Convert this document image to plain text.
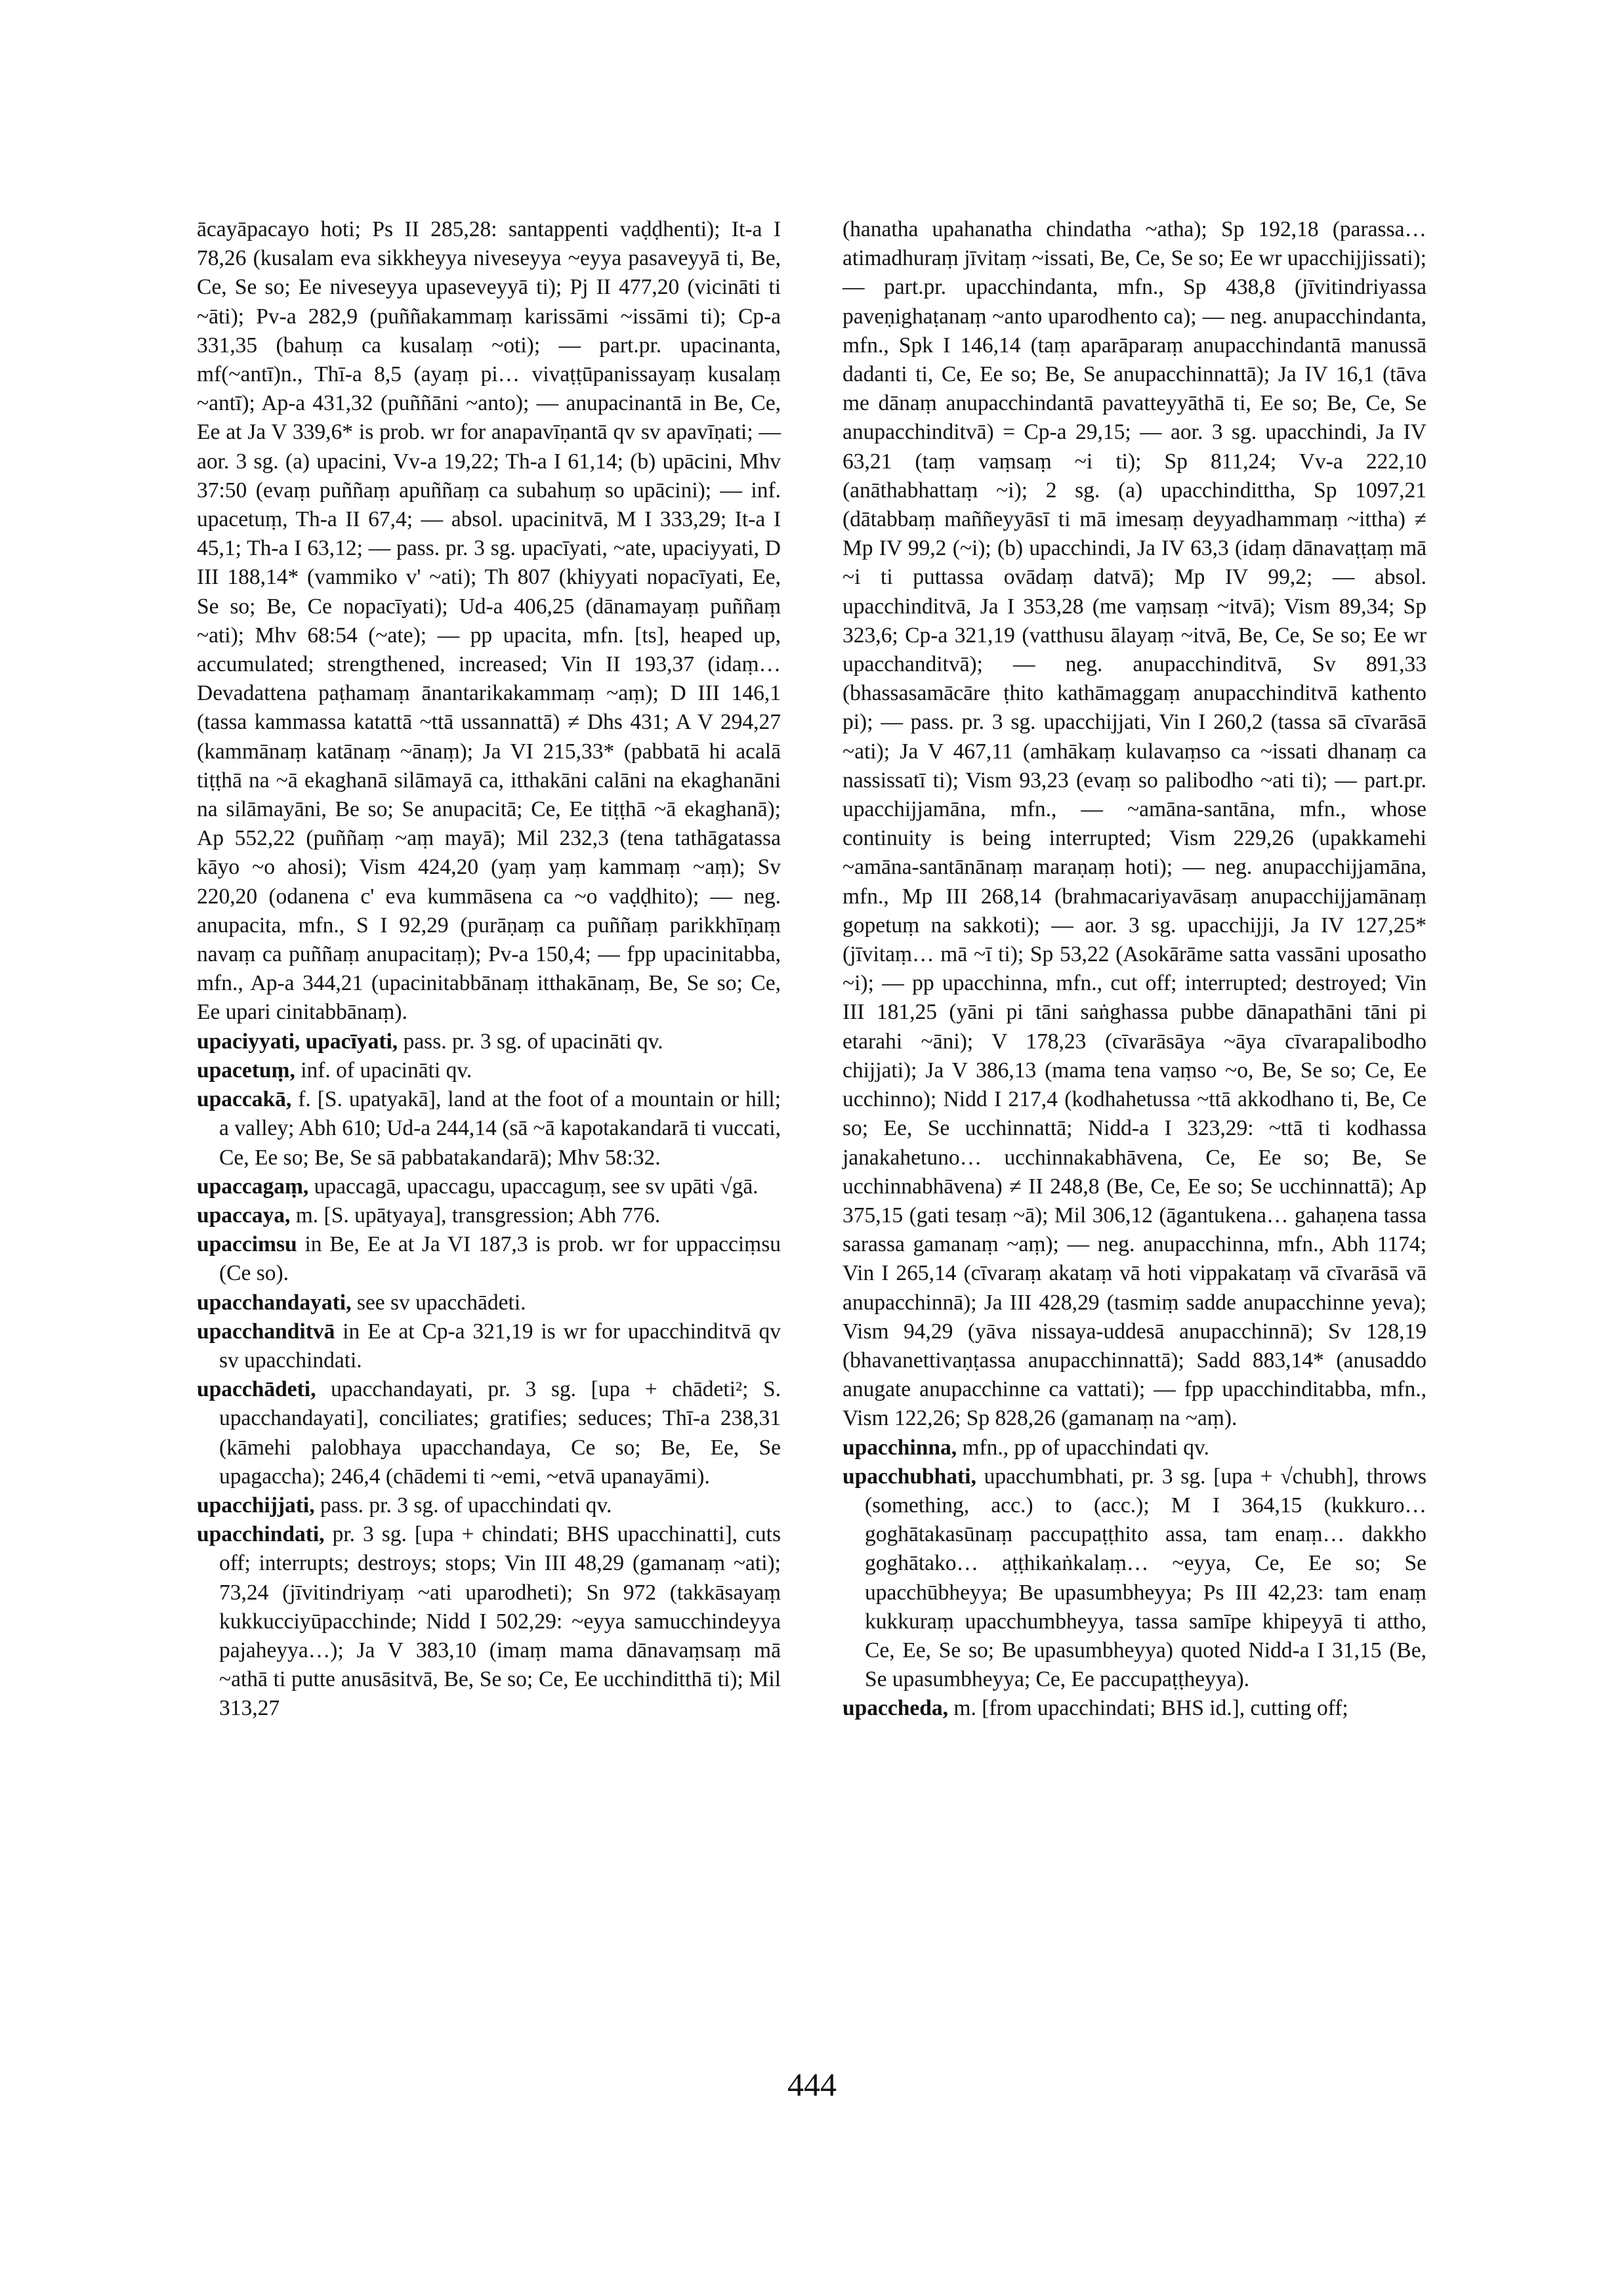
ācayāpacayo hoti; Ps II 285,28: santappenti vaḍḍhenti); It-a I 78,26 (kusalam eva sikkheyya niveseyya ~eyya pasaveyyā ti, Be, Ce, Se so; Ee niveseyya upaseveyyā ti); Pj II 477,20 (vicināti ti ~āti); Pv-a 282,9 (puññakammaṃ karissāmi ~issāmi ti); Cp-a 331,35 (bahuṃ ca kusalaṃ ~oti); — part.pr. upacinanta, mf(~antī)n., Thī-a 8,5 (ayaṃ pi… vivaṭṭūpanissayaṃ kusalaṃ ~antī); Ap-a 431,32 (puññāni ~anto); — anupacinantā in Be, Ce, Ee at Ja V 339,6* is prob. wr for anapavīṇantā qv sv apavīṇati; — aor. 3 sg. (a) upacini, Vv-a 19,22; Th-a I 61,14; (b) upācini, Mhv 37:50 (evaṃ puññaṃ apuññaṃ ca subahuṃ so upācini); — inf. upacetuṃ, Th-a II 67,4; — absol. upacinitvā, M I 333,29; It-a I 45,1; Th-a I 63,12; — pass. pr. 3 sg. upacīyati, ~ate, upaciyyati, D III 188,14* (vammiko v' ~ati); Th 807 (khiyyati nopacīyati, Ee, Se so; Be, Ce nopacīyati); Ud-a 406,25 (dānamayaṃ puññaṃ ~ati); Mhv 68:54 (~ate); — pp upacita, mfn. [ts], heaped up, accumulated; strengthened, increased; Vin II 193,37 (idaṃ… Devadattena paṭhamaṃ ānantarikakammaṃ ~aṃ); D III 146,1 (tassa kammassa katattā ~ttā ussannattā) ≠ Dhs 431; A V 294,27 (kammānaṃ katānaṃ ~ānaṃ); Ja VI 215,33* (pabbatā hi acalā tiṭṭhā na ~ā ekaghanā silāmayā ca, itthakāni calāni na ekaghanāni na silāmayāni, Be so; Se anupacitā; Ce, Ee tiṭṭhā ~ā ekaghanā); Ap 552,22 (puññaṃ ~aṃ mayā); Mil 232,3 (tena tathāgatassa kāyo ~o ahosi); Vism 424,20 (yaṃ yaṃ kammaṃ ~aṃ); Sv 220,20 (odanena c' eva kummāsena ca ~o vaḍḍhito); — neg. anupacita, mfn., S I 92,29 (purāṇaṃ ca puññaṃ parikkhīṇaṃ navaṃ ca puññaṃ anupacitaṃ); Pv-a 150,4; — fpp upacinitabba, mfn., Ap-a 344,21 (upacinitabbānaṃ itthakānaṃ, Be, Se so; Ce, Ee upari cinitabbānaṃ).

upaciyyati, upacīyati, pass. pr. 3 sg. of upacināti qv.

upacetuṃ, inf. of upacināti qv.

upaccakā, f. [S. upatyakā], land at the foot of a mountain or hill; a valley; Abh 610; Ud-a 244,14 (sā ~ā kapotakandarā ti vuccati, Ce, Ee so; Be, Se sā pabbatakandarā); Mhv 58:32.

upaccagaṃ, upaccagā, upaccagu, upaccaguṃ, see sv upāti √gā.

upaccaya, m. [S. upātyaya], transgression; Abh 776.

upaccimsu in Be, Ee at Ja VI 187,3 is prob. wr for uppacciṃsu (Ce so).

upacchandayati, see sv upacchādeti.

upacchanditvā in Ee at Cp-a 321,19 is wr for upacchinditvā qv sv upacchindati.

upacchādeti, upacchandayati, pr. 3 sg. [upa + chādeti²; S. upacchandayati], conciliates; gratifies; seduces; Thī-a 238,31 (kāmehi palobhaya upacchandaya, Ce so; Be, Ee, Se upagaccha); 246,4 (chādemi ti ~emi, ~etvā upanayāmi).

upacchijjati, pass. pr. 3 sg. of upacchindati qv.

upacchindati, pr. 3 sg. [upa + chindati; BHS upacchinatti], cuts off; interrupts; destroys; stops; Vin III 48,29 (gamanaṃ ~ati); 73,24 (jīvitindriyaṃ ~ati uparodheti); Sn 972 (takkāsayaṃ kukkucciyūpacchinde; Nidd I 502,29: ~eyya samucchindeyya pajaheyya…); Ja V 383,10 (imaṃ mama dānavaṃsaṃ mā ~athā ti putte anusāsitvā, Be, Se so; Ce, Ee ucchinditthā ti); Mil 313,27

(hanatha upahanatha chindatha ~atha); Sp 192,18 (parassa… atimadhuraṃ jīvitaṃ ~issati, Be, Ce, Se so; Ee wr upacchijjissati); — part.pr. upacchindanta, mfn., Sp 438,8 (jīvitindriyassa paveṇighaṭanaṃ ~anto uparodhento ca); — neg. anupacchindanta, mfn., Spk I 146,14 (taṃ aparāparaṃ anupacchindantā manussā dadanti ti, Ce, Ee so; Be, Se anupacchinnattā); Ja IV 16,1 (tāva me dānaṃ anupacchindantā pavatteyyāthā ti, Ee so; Be, Ce, Se anupacchinditvā) = Cp-a 29,15; — aor. 3 sg. upacchindi, Ja IV 63,21 (taṃ vaṃsaṃ ~i ti); Sp 811,24; Vv-a 222,10 (anāthabhattaṃ ~i); 2 sg. (a) upacchindittha, Sp 1097,21 (dātabbaṃ maññeyyāsī ti mā imesaṃ deyyadhammaṃ ~ittha) ≠ Mp IV 99,2 (~i); (b) upacchindi, Ja IV 63,3 (idaṃ dānavaṭṭaṃ mā ~i ti puttassa ovādaṃ datvā); Mp IV 99,2; — absol. upacchinditvā, Ja I 353,28 (me vaṃsaṃ ~itvā); Vism 89,34; Sp 323,6; Cp-a 321,19 (vatthusu ālayaṃ ~itvā, Be, Ce, Se so; Ee wr upacchanditvā); — neg. anupacchinditvā, Sv 891,33 (bhassasamācāre ṭhito kathāmaggaṃ anupacchinditvā kathento pi); — pass. pr. 3 sg. upacchijjati, Vin I 260,2 (tassa sā cīvarāsā ~ati); Ja V 467,11 (amhākaṃ kulavaṃso ca ~issati dhanaṃ ca nassissatī ti); Vism 93,23 (evaṃ so palibodho ~ati ti); — part.pr. upacchijjamāna, mfn., — ~amāna-santāna, mfn., whose continuity is being interrupted; Vism 229,26 (upakkamehi ~amāna-santānānaṃ maraṇaṃ hoti); — neg. anupacchijjamāna, mfn., Mp III 268,14 (brahmacariyavāsaṃ anupacchijjamānaṃ gopetuṃ na sakkoti); — aor. 3 sg. upacchijji, Ja IV 127,25* (jīvitaṃ… mā ~ī ti); Sp 53,22 (Asokārāme satta vassāni uposatho ~i); — pp upacchinna, mfn., cut off; interrupted; destroyed; Vin III 181,25 (yāni pi tāni saṅghassa pubbe dānapathāni tāni pi etarahi ~āni); V 178,23 (cīvarāsāya ~āya cīvarapalibodho chijjati); Ja V 386,13 (mama tena vaṃso ~o, Be, Se so; Ce, Ee ucchinno); Nidd I 217,4 (kodhahetussa ~ttā akkodhano ti, Be, Ce so; Ee, Se ucchinnattā; Nidd-a I 323,29: ~ttā ti kodhassa janakahetuno… ucchinnakabhāvena, Ce, Ee so; Be, Se ucchinnabhāvena) ≠ II 248,8 (Be, Ce, Ee so; Se ucchinnattā); Ap 375,15 (gati tesaṃ ~ā); Mil 306,12 (āgantukena… gahaṇena tassa sarassa gamanaṃ ~aṃ); — neg. anupacchinna, mfn., Abh 1174; Vin I 265,14 (cīvaraṃ akataṃ vā hoti vippakataṃ vā cīvarāsā vā anupacchinnā); Ja III 428,29 (tasmiṃ sadde anupacchinne yeva); Vism 94,29 (yāva nissaya-uddesā anupacchinnā); Sv 128,19 (bhavanettivaṇṭassa anupacchinnattā); Sadd 883,14* (anusaddo anugate anupacchinne ca vattati); — fpp upacchinditabba, mfn., Vism 122,26; Sp 828,26 (gamanaṃ na ~aṃ).

upacchinna, mfn., pp of upacchindati qv.

upacchubhati, upacchumbhati, pr. 3 sg. [upa + √chubh], throws (something, acc.) to (acc.); M I 364,15 (kukkuro… goghātakasūnaṃ paccupaṭṭhito assa, tam enaṃ… dakkho goghātako… aṭṭhikaṅkalaṃ… ~eyya, Ce, Ee so; Se upacchūbheyya; Be upasumbheyya; Ps III 42,23: tam enaṃ kukkuraṃ upacchumbheyya, tassa samīpe khipeyyā ti attho, Ce, Ee, Se so; Be upasumbheyya) quoted Nidd-a I 31,15 (Be, Se upasumbheyya; Ce, Ee paccupaṭṭheyya).

upaccheda, m. [from upacchindati; BHS id.], cutting off;

444
